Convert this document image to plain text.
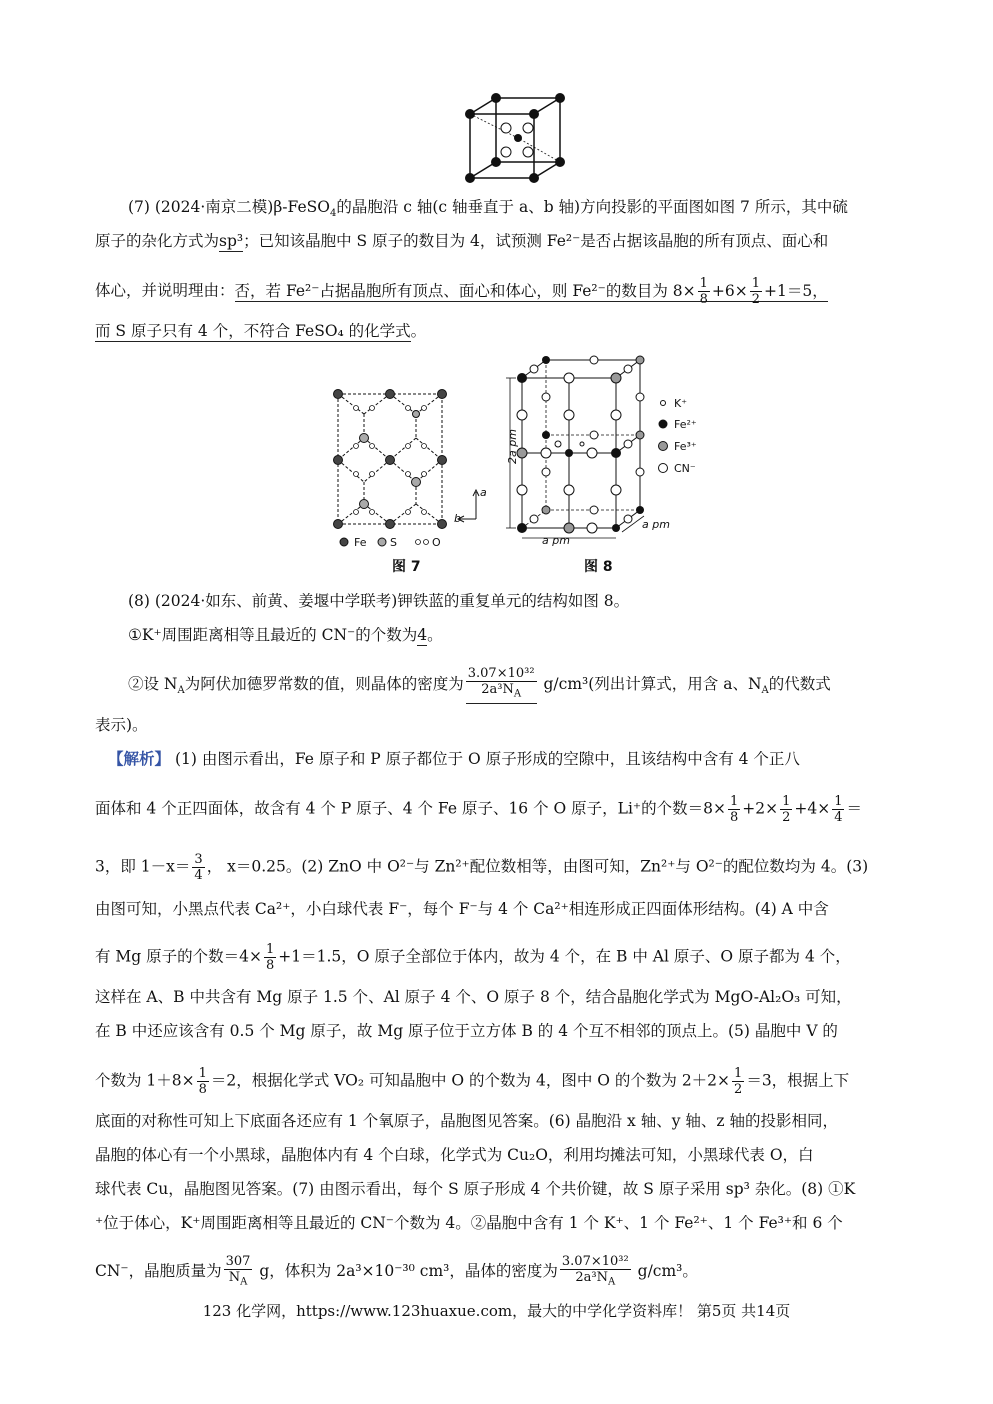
(7) (2024·南京二模)β-FeSO$_4$的晶胞沿 c 轴(c 轴垂直于 a、b 轴)方向投影的平面图如图 7 所示，其中硫
原子的杂化方式为sp³；已知该晶胞中 S 原子的数目为 4，试预测 Fe²⁻是否占据该晶胞的所有顶点、面心和
体心，并说明理由：否，若 Fe²⁻占据晶胞所有顶点、面心和体心，则 Fe²⁻的数目为 $8\times \frac{1}{8} +6\times \frac{1}{2} +1=5$，
而 S 原子只有 4 个，不符合 FeSO₄ 的化学式。
Fe S	O
a
b
图 7
2a pm
a pm
a pm
图 8
K⁺
Fe²⁺
Fe³⁺
CN⁻
(8) (2024·如东、前黄、姜堰中学联考)钾铁蓝的重复单元的结构如图 8。
①K⁺周围距离相等且最近的 CN⁻的个数为4。
②设 $N_A$为阿伏加德罗常数的值，则晶体的密度为 $\frac{\text{3.07×10³²}}{2a^3N_A} g/cm^3$(列出计算式，用含 a、$N_A$的代数式
表示)。
【解析】 (1) 由图示看出，Fe 原子和 P 原子都位于 O 原子形成的空隙中，且该结构中含有 4 个正八
面体和 4 个正四面体，故含有 4 个 P 原子、4 个 Fe 原子、16 个 O 原子，Li⁺的个数$=8\times \frac{1}{8} +2\times \frac{1}{2} +4\times \frac{1}{4}$ ＝
3，即 $1-x= \frac{3}{4}$ ， x＝0.25。(2) ZnO 中 O²⁻与 Zn²⁺配位数相等，由图可知，Zn²⁺与 O²⁻的配位数均为 4。(3)
由图可知，小黑点代表 Ca²⁺，小白球代表 F⁻，每个 F⁻与 4 个 Ca²⁺相连形成正四面体形结构。(4) A 中含
有 Mg 原子的个数$=4\times \frac{1}{8} +1=1.5$，O 原子全部位于体内，故为 4 个，在 B 中 Al 原子、O 原子都为 4 个，
这样在 A、B 中共含有 Mg 原子 1.5 个、Al 原子 4 个、O 原子 8 个，结合晶胞化学式为 MgO-Al₂O₃ 可知，
在 B 中还应该含有 0.5 个 Mg 原子，故 Mg 原子位于立方体 B 的 4 个互不相邻的顶点上。(5) 晶胞中 V 的
个数为 $1+8\times \frac{1}{8} =2$，根据化学式 VO₂ 可知晶胞中 O 的个数为 4，图中 O 的个数为 $2+2\times \frac{1}{2} =3$，根据上下
底面的对称性可知上下底面各还应有 1 个氧原子，晶胞图见答案。(6) 晶胞沿 x 轴、y 轴、z 轴的投影相同，
晶胞的体心有一个小黑球，晶胞体内有 4 个白球，化学式为 Cu₂O，利用均摊法可知，小黑球代表 O，白
球代表 Cu，晶胞图见答案。(7) 由图示看出，每个 S 原子形成 4 个共价键，故 S 原子采用 sp³ 杂化。(8) ①K
⁺位于体心，K⁺周围距离相等且最近的 CN⁻个数为 4。②晶胞中含有 1 个 K⁺、1 个 Fe²⁺、1 个 Fe³⁺和 6 个
CN⁻，晶胞质量为 $\frac{307}{N_A}$ g，体积为 2a³×10⁻³⁰ cm³，晶体的密度为 $\frac{\text{3.07×10³²}}{2a^3N_A} g/cm^3$。
123 化学网，https://www.123huaxue.com，最大的中学化学资料库！ 第5页 共14页
